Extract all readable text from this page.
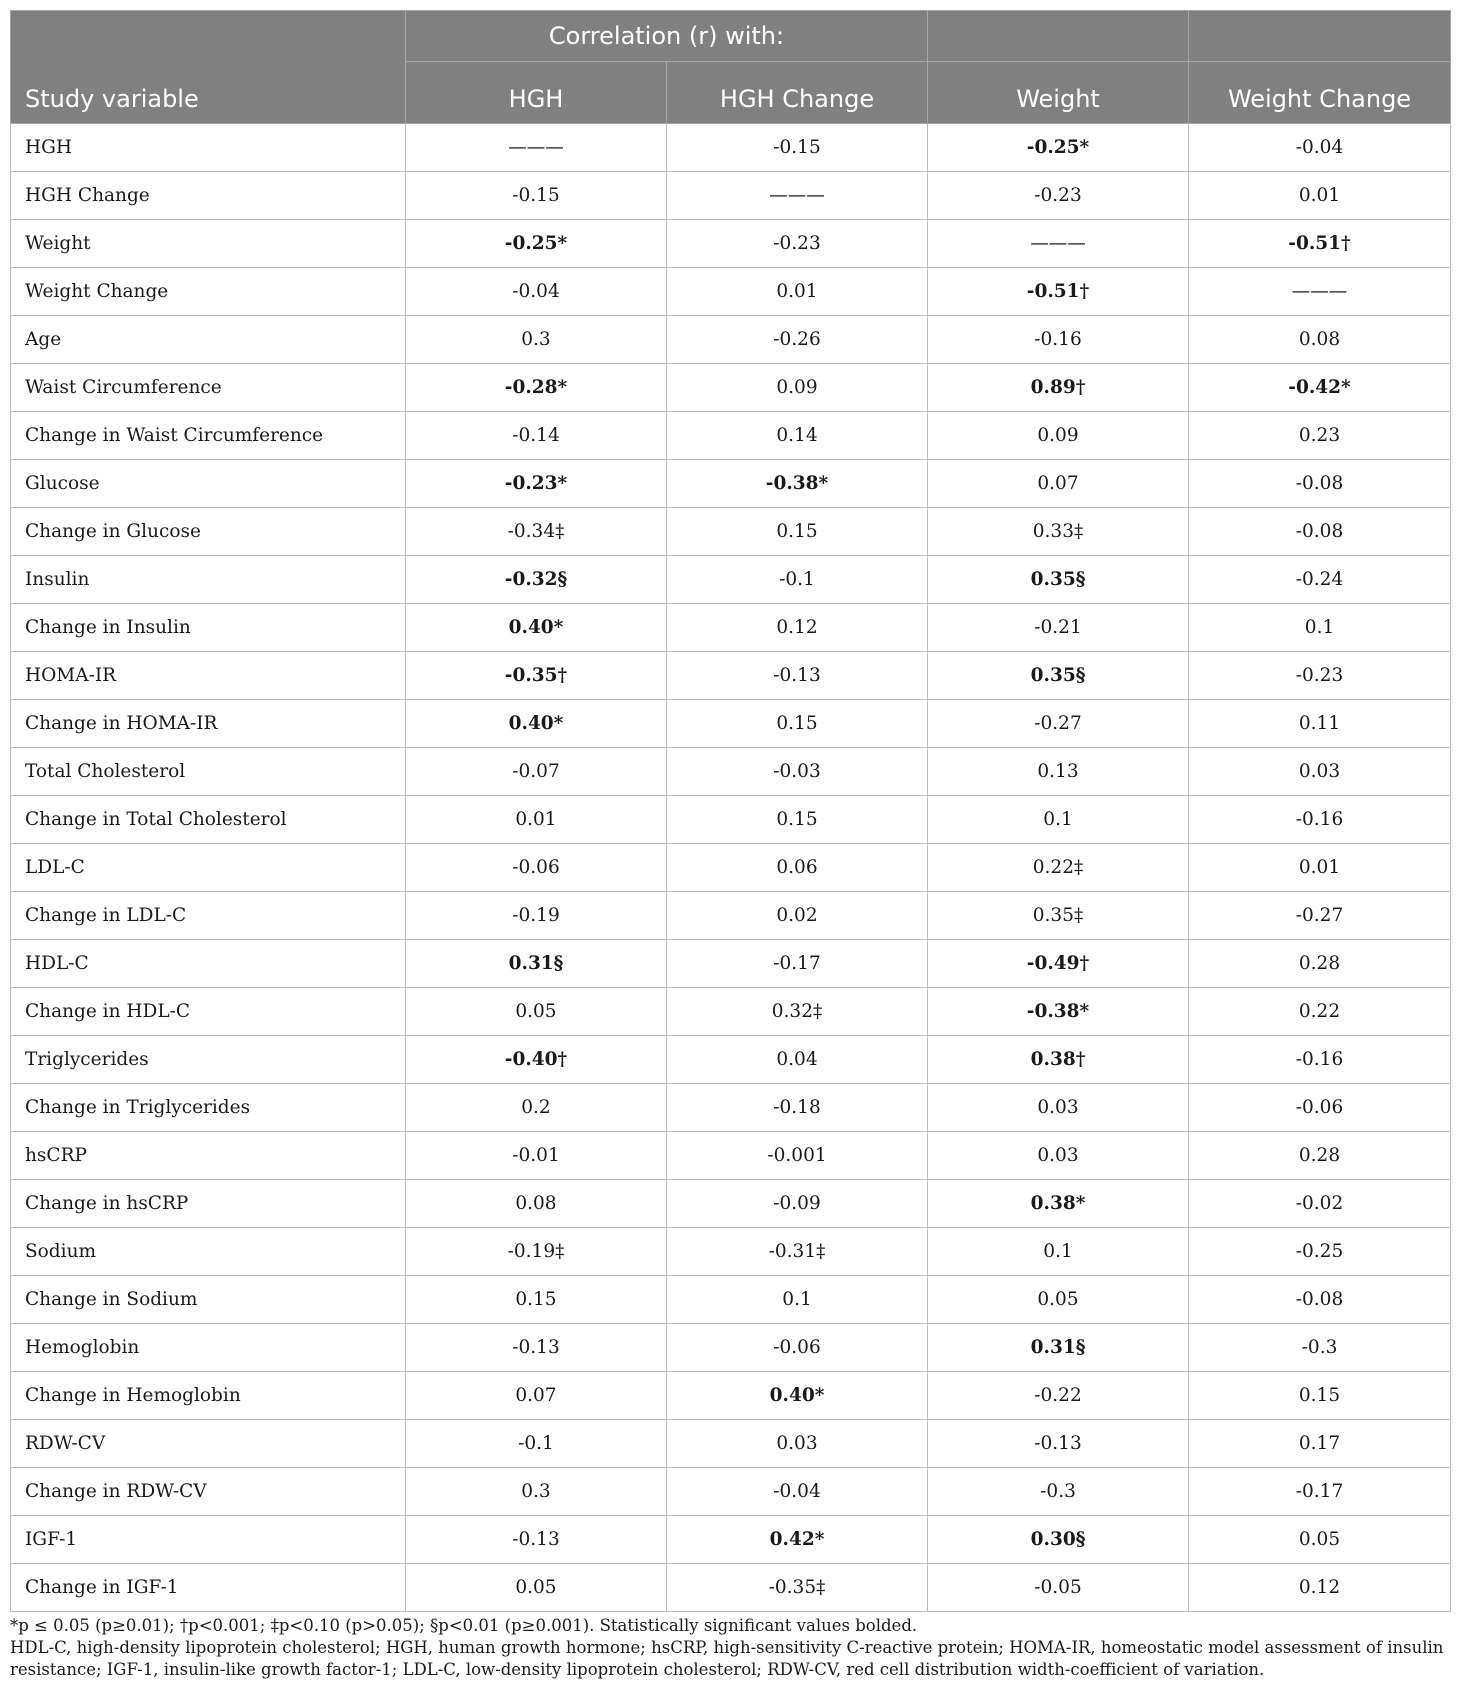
Study variable	Correlation (r) with:			
	HGH	HGH Change	Weight	Weight Change
HGH	———	-0.15	-0.25*	-0.04
HGH Change	-0.15	———	-0.23	0.01
Weight	-0.25*	-0.23	———	-0.51†
Weight Change	-0.04	0.01	-0.51†	———
Age	0.3	-0.26	-0.16	0.08
Waist Circumference	-0.28*	0.09	0.89†	-0.42*
Change in Waist Circumference	-0.14	0.14	0.09	0.23
Glucose	-0.23*	-0.38*	0.07	-0.08
Change in Glucose	-0.34‡	0.15	0.33‡	-0.08
Insulin	-0.32§	-0.1	0.35§	-0.24
Change in Insulin	0.40*	0.12	-0.21	0.1
HOMA-IR	-0.35†	-0.13	0.35§	-0.23
Change in HOMA-IR	0.40*	0.15	-0.27	0.11
Total Cholesterol	-0.07	-0.03	0.13	0.03
Change in Total Cholesterol	0.01	0.15	0.1	-0.16
LDL-C	-0.06	0.06	0.22‡	0.01
Change in LDL-C	-0.19	0.02	0.35‡	-0.27
HDL-C	0.31§	-0.17	-0.49†	0.28
Change in HDL-C	0.05	0.32‡	-0.38*	0.22
Triglycerides	-0.40†	0.04	0.38†	-0.16
Change in Triglycerides	0.2	-0.18	0.03	-0.06
hsCRP	-0.01	-0.001	0.03	0.28
Change in hsCRP	0.08	-0.09	0.38*	-0.02
Sodium	-0.19‡	-0.31‡	0.1	-0.25
Change in Sodium	0.15	0.1	0.05	-0.08
Hemoglobin	-0.13	-0.06	0.31§	-0.3
Change in Hemoglobin	0.07	0.40*	-0.22	0.15
RDW-CV	-0.1	0.03	-0.13	0.17
Change in RDW-CV	0.3	-0.04	-0.3	-0.17
IGF-1	-0.13	0.42*	0.30§	0.05
Change in IGF-1	0.05	-0.35‡	-0.05	0.12

*p ≤ 0.05 (p≥0.01); †p<0.001; ‡p<0.10 (p>0.05); §p<0.01 (p≥0.001). Statistically significant values bolded.

HDL-C, high-density lipoprotein cholesterol; HGH, human growth hormone; hsCRP, high-sensitivity C-reactive protein; HOMA-IR, homeostatic model assessment of insulin resistance; IGF-1, insulin-like growth factor-1; LDL-C, low-density lipoprotein cholesterol; RDW-CV, red cell distribution width-coefficient of variation.
